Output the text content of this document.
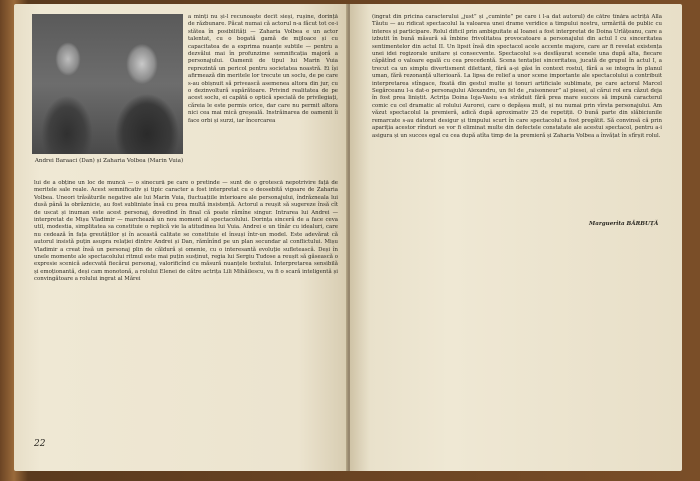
Andrei Baraaci (Dan) și Zaharia Volbea (Marin Vuia)

a minți nu și-l recunoaște decît sieși, rușine, dorință de răzbunare. Păcat numai că actorul n-a făcut tot ce-i stătea în posibilități — Zaharia Volbea e un actor talentat, cu o bogată gamă de mijloace și cu capacitatea de a exprima nuanțe subtile — pentru a dezvălui mai în profunzime semnificația majoră a personajului. Oamenii de tipul lui Marin Vuia reprezintă un pericol pentru societatea noastră. Ei își afirmează din meritele lor trecute un soclu, de pe care s-au obișnuit să privească asemenea altora din jur, cu o dezinvoltură supărătoare. Privind realitatea de pe acest soclu, ei capătă o optică specială de privilegiați, căreia le este permis orice, dar care nu permit altora nici cea mai mică greșeală. Instrăinarea de oamenii îi face orbi și surzi, iar încercarea

lui de a obține un loc de muncă — o sinecură pe care o pretinde — sunt de o grotescă nepotrivire față de meritele sale reale. Acest semnificativ și tipic caracter a fost interpretat cu o deosebită vigoare de Zaharia Volbea. Uneori trăsăturile negative ale lui Marin Vuia, fluctuațiile interioare ale personajului, îndrăzneala lui dusă până la obrăznicie, au fost subliniate însă cu prea multă insistență. Actorul a reușit să sugereze însă cît de uscat și inuman este acest personaj, dovedind în final că poate rămîne singur. Intrarea lui Andrei — interpretat de Mișu Vladimir — marchează un nou moment al spectacolului. Dorința sinceră de a face ceva util, modestia, simplitatea sa constituie o replică vie la atitudinea lui Vuia. Andrei e un tînăr cu idealuri, care nu cedează în fața greutăților și în această calitate se constituie el însuși într-un model. Este adevărat că autorul insistă puțin asupra relației dintre Andrei și Dan, rămînînd pe un plan secundar al conflictului. Mișu Vladimir a creat însă un personaj plin de căldură și omenie, cu o interesantă evoluție sufletească. Deși în unele momente ale spectacolului ritmul este mai puțin susținut, regia lui Sergiu Tudose a reușit să găsească o expresie scenică adecvată fiecărui personaj, valorificînd cu măsură nuanțele textului. Interpretarea sensibilă și emoționantă, deși cam monotonă, a rolului Elenei de către actrița Lili Mihăilescu, va fi o scară inteligentă și convingătoare a rolului ingrat al Mărei

22

(ingrat din pricina caracterului „just” și „cuminte” pe care i l-a dat autorul) de către tînăra actriță Alla Tăutu — au ridicat spectacolul la valoarea unei drame veridice a timpului nostru, urmărită de public cu interes și participare. Rolul dificil prin ambiguitate al Ioanei a fost interpretat de Doina Urlățeanu, care a izbutit în bună măsură să îmbine frivolitatea provocatoare a personajului din actul I cu sinceritatea sentimentelor din actul II. Un lipsit însă din spectacol acele accente majore, care ar fi revelat existența unei idei regizorale unitare și consecvente. Spectacolul s-a desfășurat scenele una după alta, fiecare căpătînd o valoare egală cu cea precedentă. Scena tentației sinceritatea, jucată de grupul în actul I, a trecut ca un simplu divertisment dilettant, fără a-și găsi în context rostul, fără a se integra în planul uman, fără rezonanță ulterioară. La lipsa de relief a unor scene importante ale spectacolului a contribuit interpretarea stîngace, fixată din gestul multe și tonuri artificiale sublimate, pe care actorul Marcel Segărceanu l-a dat-o personajului Alexandru, un fel de „raisonneur” al piesei, al cărui rol era căzut deja în fost prea liniștit. Actrița Doina Ioja-Vasiu s-a străduit fără prea mare succes să impună caracterul comic cu cel dramatic al rolului Aurorei, care o depășea mult, și nu numai prin vîrsta personajului. Am văzut spectacolul la premieră, adică după aproximativ 25 de repetiții. O bună parte din slăbiciunile remarcate s-au datorat desigur și timpului scurt în care spectacolul a fost pregătit. Să convinsă că prin apariția acestor rînduri se vor fi eliminat multe din defectele constatate ale acestui spectacol, pentru a-i asigura și un succes egal cu cea după atîta timp de la premieră și Zaharia Volbea a învățat în sfîrșit rolul.

Marguerita BĂRBUȚĂ
